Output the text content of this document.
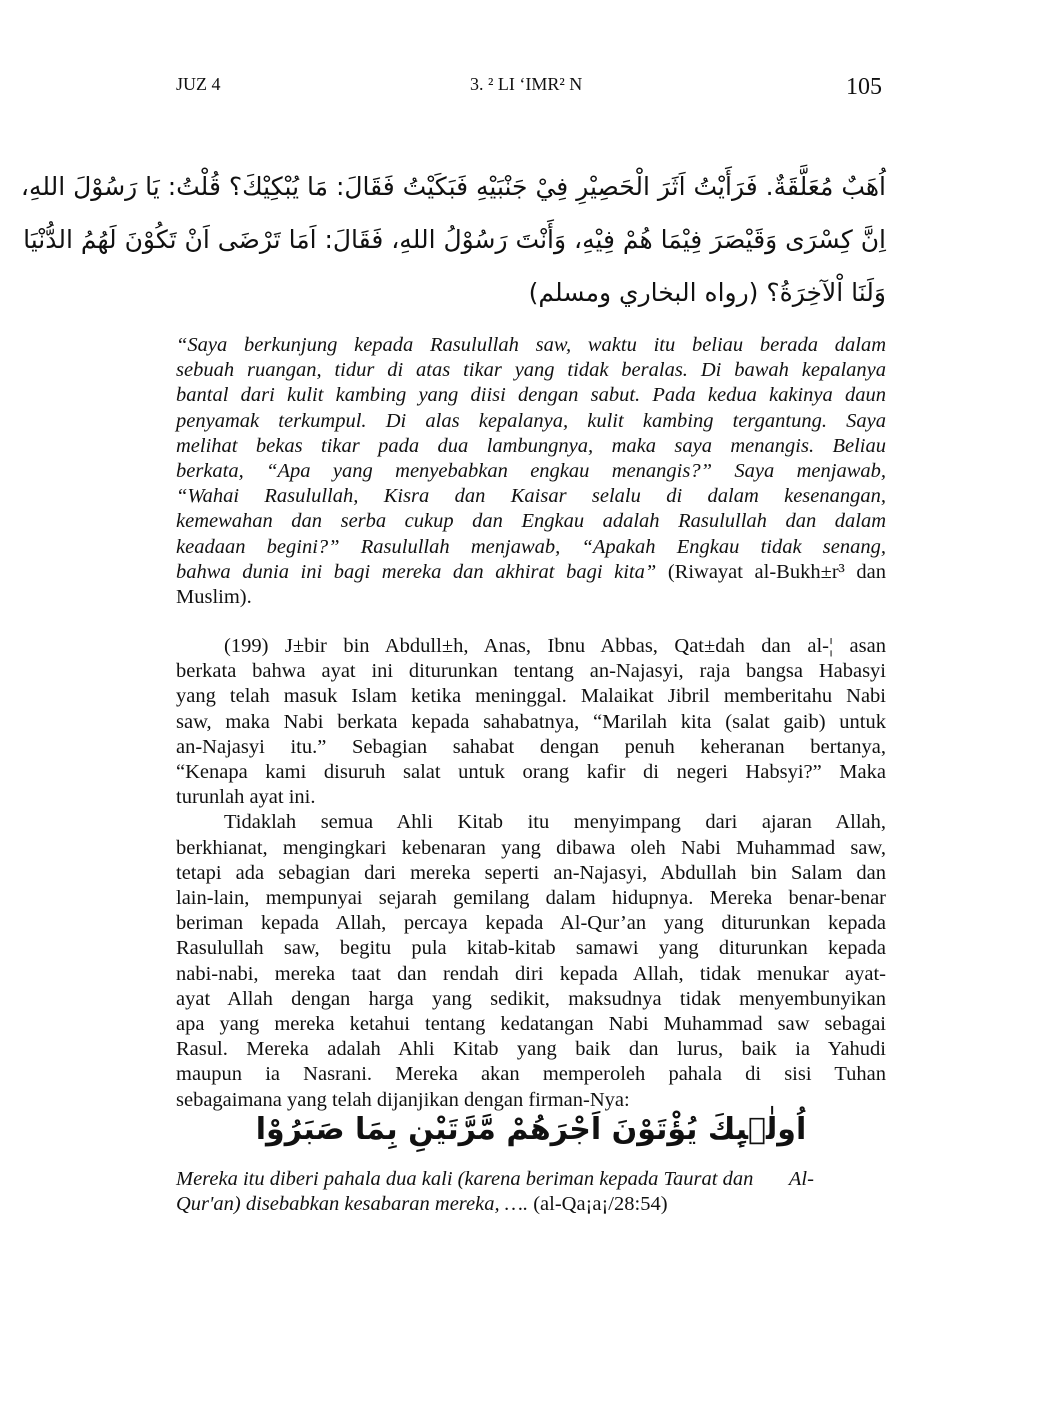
JUZ 4	3. ² LI ‘IMR² N	105
اُهَبٌ مُعَلَّقَةٌ. فَرَأَيْتُ اَثَرَ الْحَصِيْرِ فِيْ جَنْبَيْهِ فَبَكَيْتُ فَقَالَ: مَا يُبْكِيْكَ؟ قُلْتُ: يَا رَسُوْلَ اللهِ،
اِنَّ كِسْرَى وَقَيْصَرَ فِيْمَا هُمْ فِيْهِ، وَأَنْتَ رَسُوْلُ اللهِ، فَقَالَ: اَمَا تَرْضَى اَنْ تَكُوْنَ لَهُمُ الدُّنْيَا
وَلَنَا اْلآخِرَةُ؟ (رواه البخاري ومسلم)
“Saya berkunjung kepada Rasulullah saw, waktu itu beliau berada dalam
sebuah ruangan, tidur di atas tikar yang tidak beralas. Di bawah kepalanya
bantal dari kulit kambing yang diisi dengan sabut. Pada kedua kakinya daun
penyamak terkumpul. Di alas kepalanya, kulit kambing tergantung. Saya
melihat bekas tikar pada dua lambungnya, maka saya menangis. Beliau
berkata, “Apa yang menyebabkan engkau menangis?” Saya menjawab,
“Wahai Rasulullah, Kisra dan Kaisar selalu di dalam kesenangan,
kemewahan dan serba cukup dan Engkau adalah Rasulullah dan dalam
keadaan begini?” Rasulullah menjawab, “Apakah Engkau tidak senang,
bahwa dunia ini bagi mereka dan akhirat bagi kita” (Riwayat al-Bukh±r³ dan
Muslim).
(199) J±bir bin Abdull±h, Anas, Ibnu Abbas, Qat±dah dan al-¦ asan
berkata bahwa ayat ini diturunkan tentang an-Najasyi, raja bangsa Habasyi
yang telah masuk Islam ketika meninggal. Malaikat Jibril memberitahu Nabi
saw, maka Nabi berkata kepada sahabatnya, “Marilah kita (salat gaib) untuk
an-Najasyi itu.” Sebagian sahabat dengan penuh keheranan bertanya,
“Kenapa kami disuruh salat untuk orang kafir di negeri Habsyi?” Maka
turunlah ayat ini.
Tidaklah semua Ahli Kitab itu menyimpang dari ajaran Allah,
berkhianat, mengingkari kebenaran yang dibawa oleh Nabi Muhammad saw,
tetapi ada sebagian dari mereka seperti an-Najasyi, Abdullah bin Salam dan
lain-lain, mempunyai sejarah gemilang dalam hidupnya. Mereka benar-benar
beriman kepada Allah, percaya kepada Al-Qur’an yang diturunkan kepada
Rasulullah saw, begitu pula kitab-kitab samawi yang diturunkan kepada
nabi-nabi, mereka taat dan rendah diri kepada Allah, tidak menukar ayat-
ayat Allah dengan harga yang sedikit, maksudnya tidak menyembunyikan
apa yang mereka ketahui tentang kedatangan Nabi Muhammad saw sebagai
Rasul. Mereka adalah Ahli Kitab yang baik dan lurus, baik ia Yahudi
maupun ia Nasrani. Mereka akan memperoleh pahala di sisi Tuhan
sebagaimana yang telah dijanjikan dengan firman-Nya:
اُولٰۤىِٕكَ يُؤْتَوْنَ اَجْرَهُمْ مَّرَّتَيْنِ بِمَا صَبَرُوْا
Mereka itu diberi pahala dua kali (karena beriman kepada Taurat dan       Al-
Qur'an) disebabkan kesabaran mereka, …. (al-Qa¡a¡/28:54)
